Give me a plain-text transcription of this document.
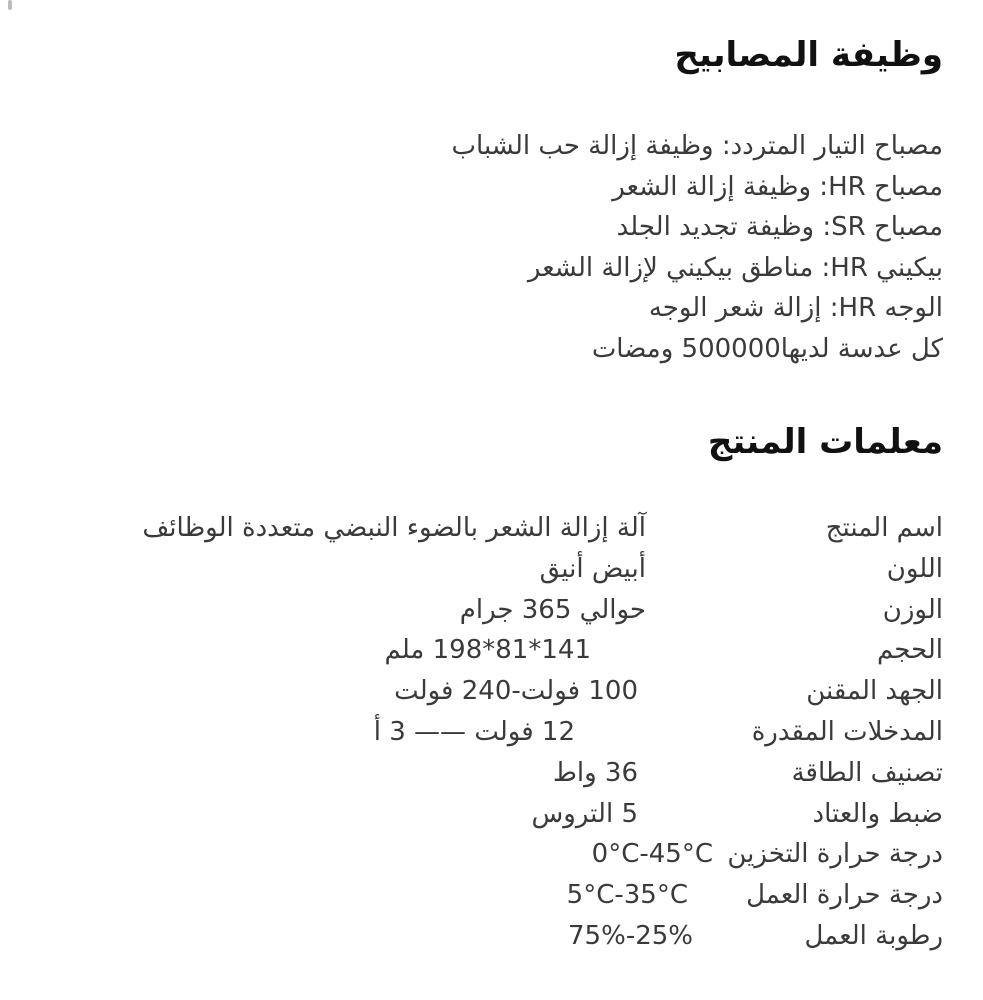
وظيفة المصابيح
مصباح التيار المتردد: وظيفة إزالة حب الشباب
مصباح HR: وظيفة إزالة الشعر
مصباح SR: وظيفة تجديد الجلد
بيكيني HR: مناطق بيكيني لإزالة الشعر
الوجه HR: إزالة شعر الوجه
كل عدسة لديها500000 ومضات
معلمات المنتج
اسم المنتج
آلة إزالة الشعر بالضوء النبضي متعددة الوظائف
اللون
أبيض أنيق
الوزن
حوالي 365 جرام
الحجم
141*81*198 ملم
الجهد المقنن
100 فولت-240 فولت
المدخلات المقدرة
12 فولت —— 3 أ
تصنيف الطاقة
36 واط
ضبط والعتاد
5 التروس
درجة حرارة التخزين
0°C-45°C
درجة حرارة العمل
5°C-35°C
رطوبة العمل
25%-75%
